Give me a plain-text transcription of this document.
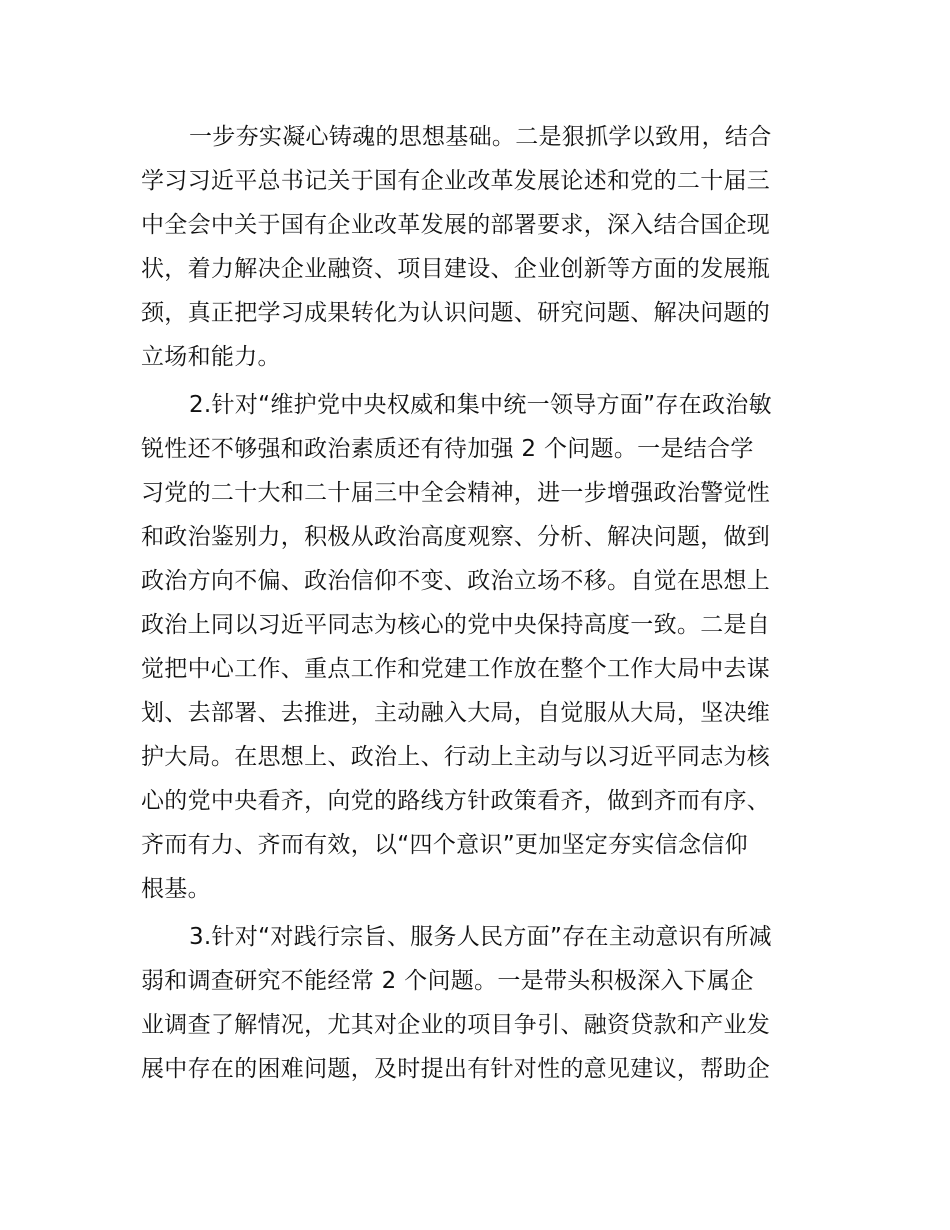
一步夯实凝心铸魂的思想基础。二是狠抓学以致用，结合
学习习近平总书记关于国有企业改革发展论述和党的二十届三
中全会中关于国有企业改革发展的部署要求，深入结合国企现
状，着力解决企业融资、项目建设、企业创新等方面的发展瓶
颈，真正把学习成果转化为认识问题、研究问题、解决问题的
立场和能力。
2.针对“维护党中央权威和集中统一领导方面”存在政治敏
锐性还不够强和政治素质还有待加强 2 个问题。一是结合学
习党的二十大和二十届三中全会精神，进一步增强政治警觉性
和政治鉴别力，积极从政治高度观察、分析、解决问题，做到
政治方向不偏、政治信仰不变、政治立场不移。自觉在思想上
政治上同以习近平同志为核心的党中央保持高度一致。二是自
觉把中心工作、重点工作和党建工作放在整个工作大局中去谋
划、去部署、去推进，主动融入大局，自觉服从大局，坚决维
护大局。在思想上、政治上、行动上主动与以习近平同志为核
心的党中央看齐，向党的路线方针政策看齐，做到齐而有序、
齐而有力、齐而有效，以“四个意识”更加坚定夯实信念信仰
根基。
3.针对“对践行宗旨、服务人民方面”存在主动意识有所减
弱和调查研究不能经常 2 个问题。一是带头积极深入下属企
业调查了解情况，尤其对企业的项目争引、融资贷款和产业发
展中存在的困难问题，及时提出有针对性的意见建议，帮助企
